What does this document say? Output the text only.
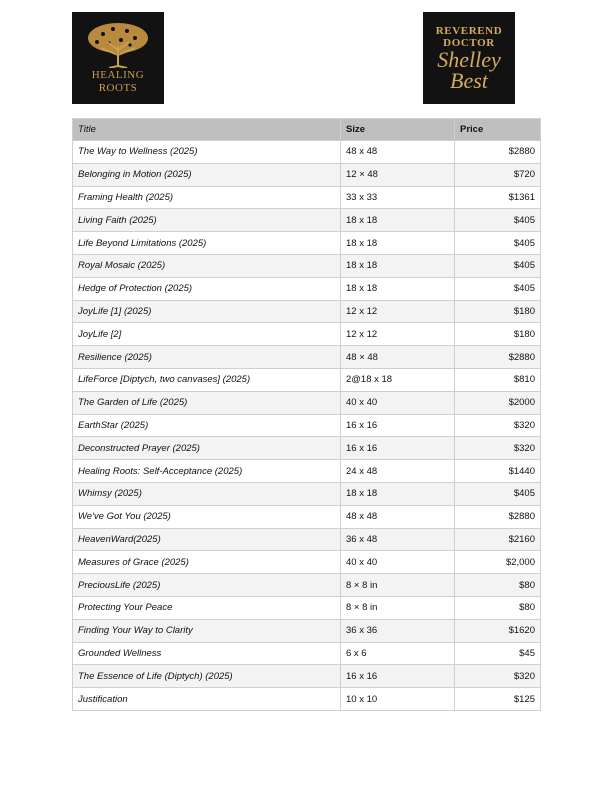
HEALING
ROOTS
REVEREND
DOCTOR
Shelley
Best
Title	Size	Price
The Way to Wellness (2025)	48 x 48	$2880
Belonging in Motion (2025)	12 × 48	$720
Framing Health (2025)	33 x 33	$1361
Living Faith (2025)	18 x 18	$405
Life Beyond Limitations (2025)	18 x 18	$405
Royal Mosaic (2025)	18 x 18	$405
Hedge of Protection (2025)	18 x 18	$405
JoyLife [1] (2025)	12 x 12	$180
JoyLife [2]	12 x 12	$180
Resilience (2025)	48 × 48	$2880
LifeForce [Diptych, two canvases] (2025)	2@18 x 18	$810
The Garden of Life (2025)	40 x 40	$2000
EarthStar (2025)	16 x 16	$320
Deconstructed Prayer (2025)	16 x 16	$320
Healing Roots: Self-Acceptance (2025)	24 x 48	$1440
Whimsy (2025)	18 x 18	$405
We've Got You (2025)	48 x 48	$2880
HeavenWard(2025)	36 x 48	$2160
Measures of Grace (2025)	40 x 40	$2,000
PreciousLife (2025)	8 × 8 in	$80
Protecting Your Peace	8 × 8 in	$80
Finding Your Way to Clarity	36 x 36	$1620
Grounded Wellness	6 x 6	$45
The Essence of Life (Diptych) (2025)	16 x 16	$320
Justification	10 x 10	$125
